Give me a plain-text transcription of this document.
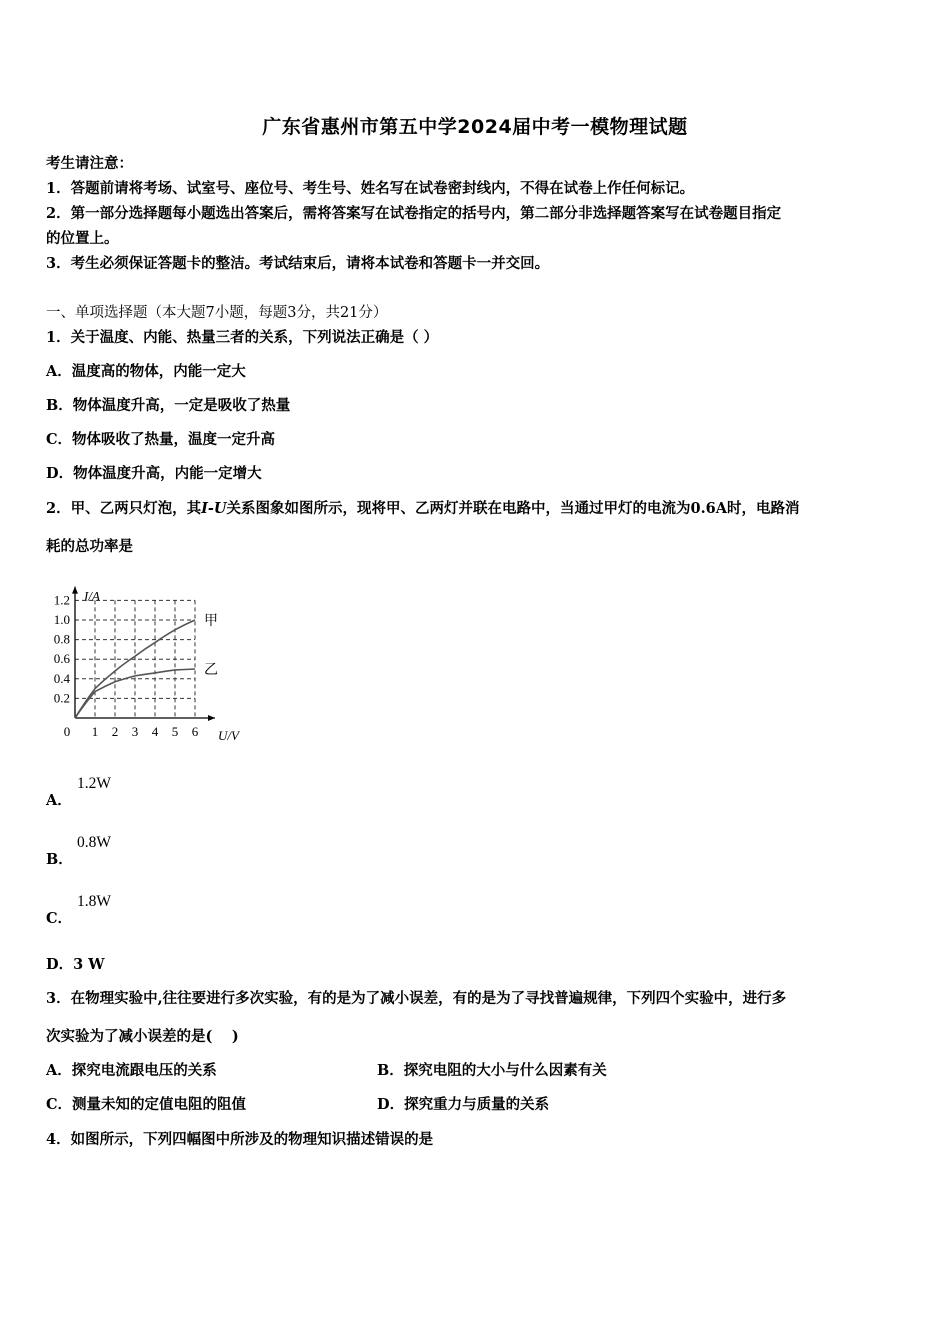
广东省惠州市第五中学2024届中考一模物理试题
考生请注意：
1．答题前请将考场、试室号、座位号、考生号、姓名写在试卷密封线内，不得在试卷上作任何标记。
2．第一部分选择题每小题选出答案后，需将答案写在试卷指定的括号内，第二部分非选择题答案写在试卷题目指定
的位置上。
3．考生必须保证答题卡的整洁。考试结束后，请将本试卷和答题卡一并交回。
一、单项选择题（本大题7小题，每题3分，共21分）
1．关于温度、内能、热量三者的关系，下列说法正确是（ ）
A．温度高的物体，内能一定大
B．物体温度升高，一定是吸收了热量
C．物体吸收了热量，温度一定升高
D．物体温度升高，内能一定增大
2．甲、乙两只灯泡，其I-U关系图象如图所示，现将甲、乙两灯并联在电路中，当通过甲灯的电流为0.6A时，电路消
耗的总功率是
0 1 2 3 4 5 6
0.2
0.4
0.6
0.8
1.0
1.2 I/A
U/V
甲
乙
A．
1.2W
B．
0.8W
C．
1.8W
D．3 W
3．在物理实验中,往往要进行多次实验，有的是为了减小误差，有的是为了寻找普遍规律，下列四个实验中，进行多
次实验为了减小误差的是(　 )
A．探究电流跟电压的关系	B．探究电阻的大小与什么因素有关
C．测量未知的定值电阻的阻值	D．探究重力与质量的关系
4．如图所示，下列四幅图中所涉及的物理知识描述错误的是
